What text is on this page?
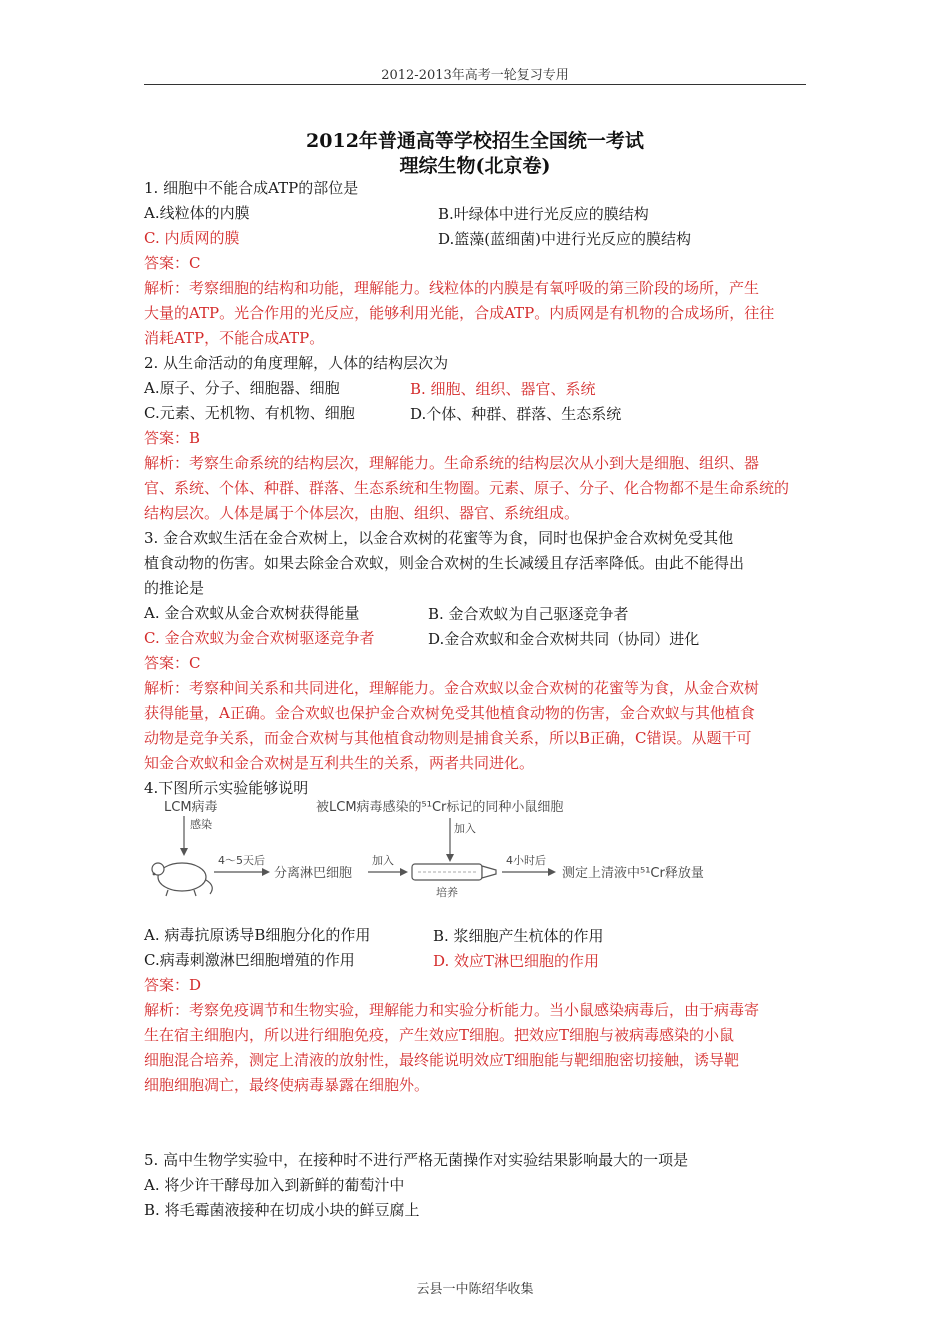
2012-2013年高考一轮复习专用
2012年普通高等学校招生全国统一考试
理综生物(北京卷)
1. 细胞中不能合成ATP的部位是
A.线粒体的内膜	B.叶绿体中进行光反应的膜结构
C. 内质网的膜	D.篮藻(蓝细菌)中进行光反应的膜结构
答案：C
解析：考察细胞的结构和功能，理解能力。线粒体的内膜是有氧呼吸的第三阶段的场所，产生
大量的ATP。光合作用的光反应，能够利用光能，合成ATP。内质网是有机物的合成场所，往往
消耗ATP，不能合成ATP。
2. 从生命活动的角度理解，人体的结构层次为
A.原子、分子、细胞器、细胞	B. 细胞、组织、器官、系统
C.元素、无机物、有机物、细胞	D.个体、种群、群落、生态系统
答案：B
解析：考察生命系统的结构层次，理解能力。生命系统的结构层次从小到大是细胞、组织、器
官、系统、个体、种群、群落、生态系统和生物圈。元素、原子、分子、化合物都不是生命系统的
结构层次。人体是属于个体层次，由胞、组织、器官、系统组成。
3. 金合欢蚁生活在金合欢树上，以金合欢树的花蜜等为食，同时也保护金合欢树免受其他
植食动物的伤害。如果去除金合欢蚁，则金合欢树的生长减缓且存活率降低。由此不能得出
的推论是
A. 金合欢蚁从金合欢树获得能量	B. 金合欢蚁为自己驱逐竞争者
C. 金合欢蚁为金合欢树驱逐竞争者	D.金合欢蚁和金合欢树共同（协同）进化
答案：C
解析：考察种间关系和共同进化，理解能力。金合欢蚁以金合欢树的花蜜等为食，从金合欢树
获得能量，A正确。金合欢蚁也保护金合欢树免受其他植食动物的伤害，金合欢蚁与其他植食
动物是竞争关系，而金合欢树与其他植食动物则是捕食关系，所以B正确，C错误。从题干可
知金合欢蚁和金合欢树是互利共生的关系，两者共同进化。
4.下图所示实验能够说明
LCM病毒
感染
4～5天后
分离淋巴细胞
加入
被LCM病毒感染的⁵¹Cr标记的同种小鼠细胞
加入
培养
4小时后
测定上清液中⁵¹Cr释放量
A. 病毒抗原诱导B细胞分化的作用	B. 浆细胞产生杭体的作用
C.病毒刺激淋巴细胞增殖的作用	D. 效应T淋巴细胞的作用
答案：D
解析：考察免疫调节和生物实验，理解能力和实验分析能力。当小鼠感染病毒后，由于病毒寄
生在宿主细胞内，所以进行细胞免疫，产生效应T细胞。把效应T细胞与被病毒感染的小鼠
细胞混合培养，测定上清液的放射性，最终能说明效应T细胞能与靶细胞密切接触，诱导靶
细胞细胞凋亡，最终使病毒暴露在细胞外。
5. 高中生物学实验中，在接种时不进行严格无菌操作对实验结果影响最大的一项是
A. 将少许干酵母加入到新鲜的葡萄汁中
B. 将毛霉菌液接种在切成小块的鲜豆腐上
云县一中陈绍华收集
